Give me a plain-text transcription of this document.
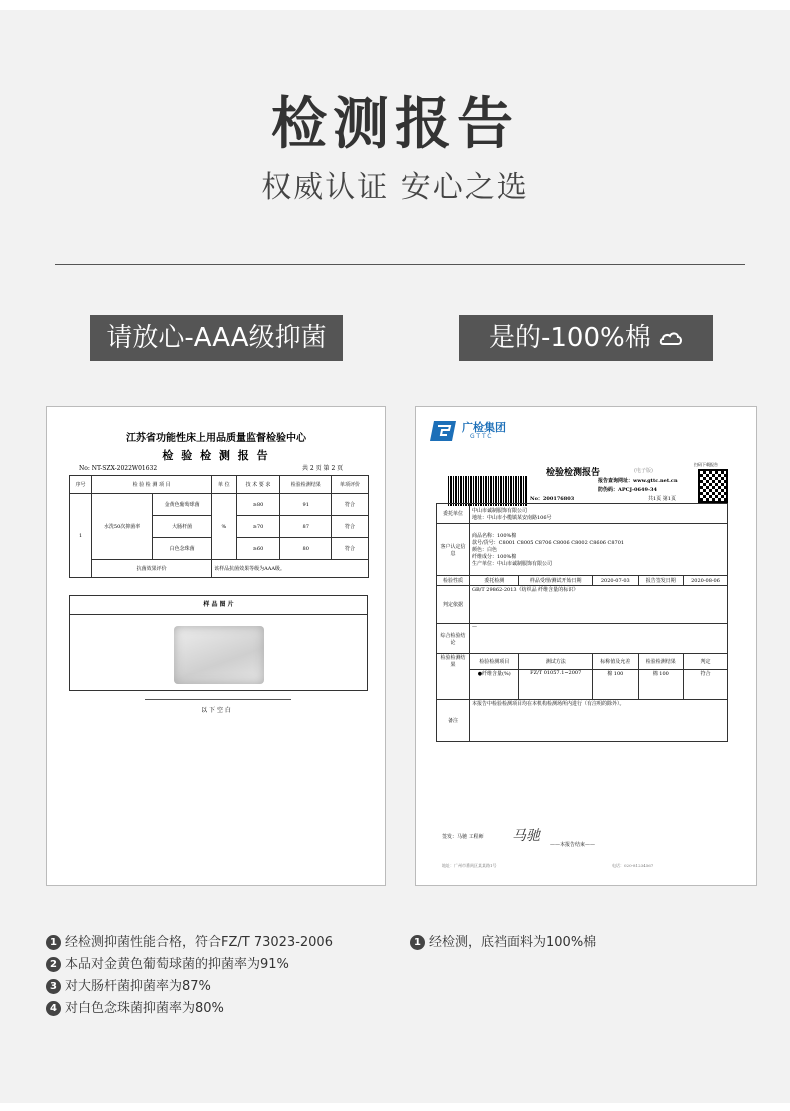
检测报告
权威认证 安心之选
请放心-AAA级抑菌	是的-100%棉
江苏省功能性床上用品质量监督检验中心
检 验 检 测 报 告
No: NT-SZX-2022W01632	共 2 页 第 2 页
序号	检 验 检 测 项 目		单 位	技 术 要 求	检验检测结果	单项评价
1	水洗50次抑菌率	金黄色葡萄球菌	%	≥80	91	符合
		大肠杆菌		≥70	87	符合
		白色念珠菌		≥60	80	符合
	抗菌效果评价		该样品抗菌效果等级为AAA级。			
样 品 图 片
以 下 空 白
广检集团
GTTC
检验检测报告	(电子版)
扫码下载报告
报告查询网址：www.gttc.net.cn
防伪码：APCJ-0649-34
No：200176803	共1页 第1页
委托单位	中山市诚制服饰有限公司
地址：中山市小榄镇某安南路106号				

客户认定信息	商品名称：100%棉
款号/货号：C8001 C8005 C8706 C8006 C8002 C8606 C8701
颜色：白色
纤维成分：100%棉
生产单位：中山市诚制服饰有限公司				

检验性质	委托检测	样品受理/测试开始日期	2020-07-03	报告签发日期	2020-08-06
判定依据	GB/T 29862-2013《纺织品 纤维含量的标识》				
综合检验结论	—				
检验检测结果	检验检测项目	测试方法	标称值及允差	检验检测结果	判定
	●纤维含量(%)	FZ/T 01057.1~2007	棉 100	棉 100	符合
备注	本报告中检验检测项目均在本机构检测场所内进行（有注明的除外）。				
签发：马驰 工程师 马驰
——本报告结束——
地址：广州市番禺区某某路1号	电话：020-81234567
1 经检测抑菌性能合格，符合FZ/T 73023-2006
2 本品对金黄色葡萄球菌的抑菌率为91%
3 对大肠杆菌抑菌率为87%
4 对白色念珠菌抑菌率为80%
1 经检测，底裆面料为100%棉
